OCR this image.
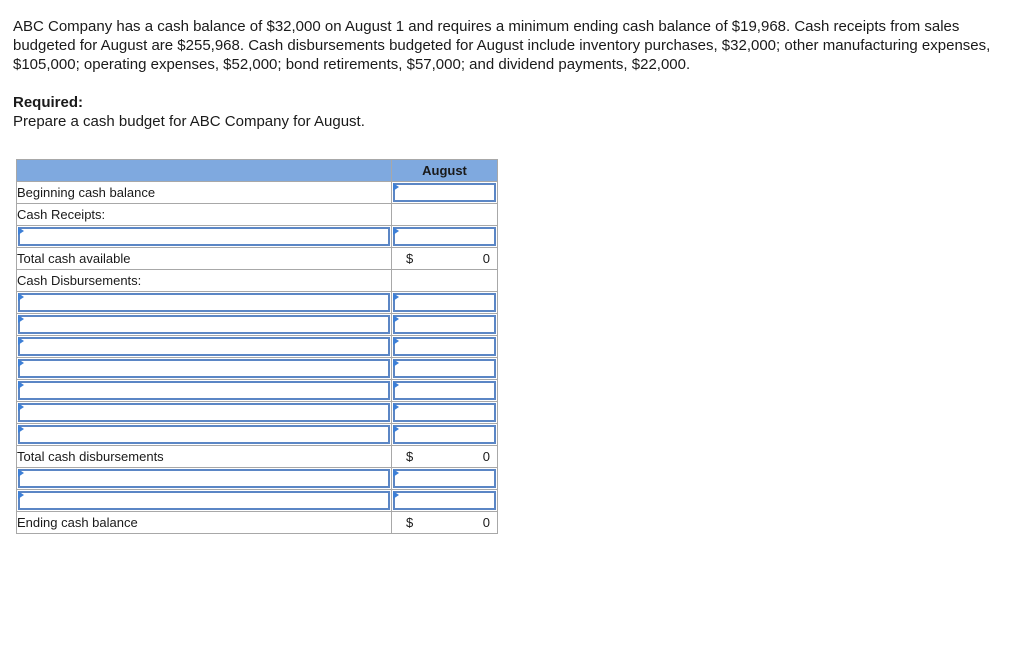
ABC Company has a cash balance of $32,000 on August 1 and requires a minimum ending cash balance of $19,968. Cash receipts from sales budgeted for August are $255,968. Cash disbursements budgeted for August include inventory purchases, $32,000; other manufacturing expenses, $105,000; operating expenses, $52,000; bond retirements, $57,000; and dividend payments, $22,000.

Required:

Prepare a cash budget for ABC Company for August.

	August
Beginning cash balance	

Cash Receipts:	

Total cash available	$ 0

Cash Disbursements:	

Total cash disbursements	$ 0

Ending cash balance	$ 0
